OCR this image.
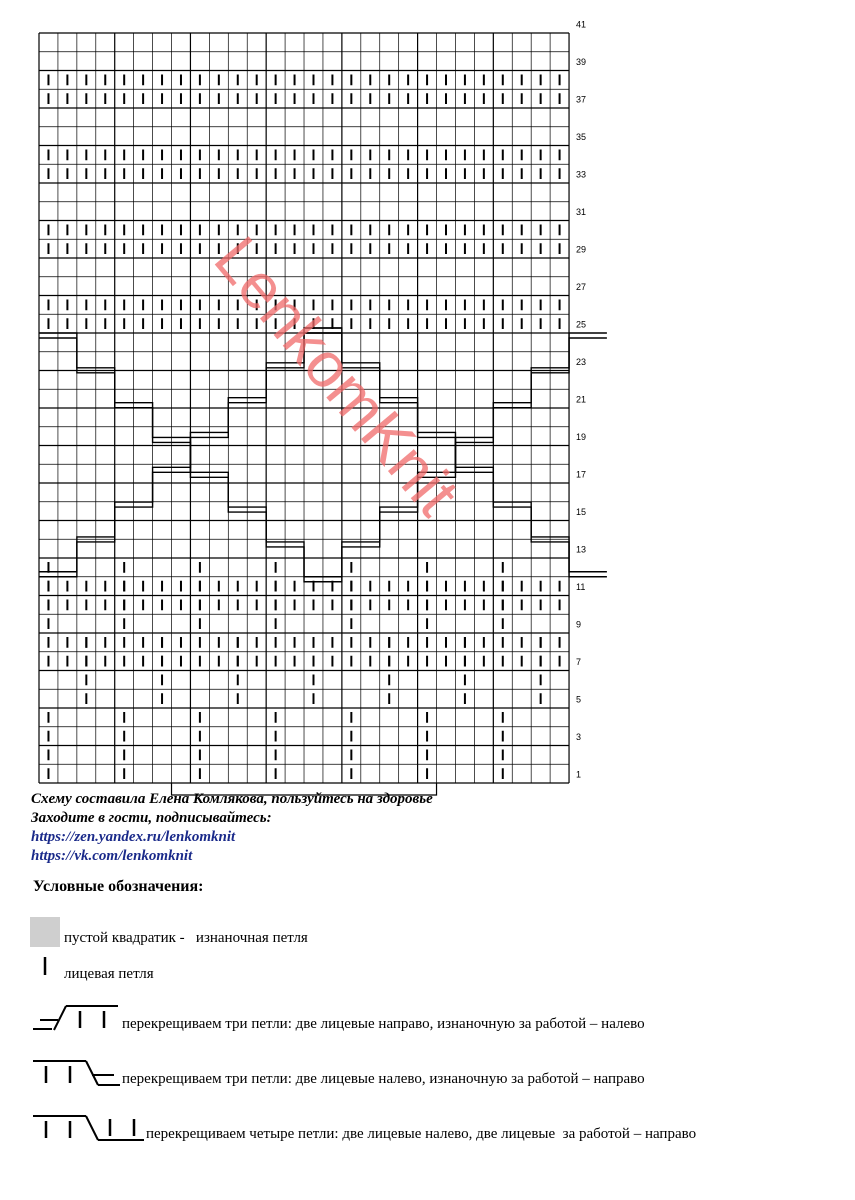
1
3
5
7
9
11
13
15
17
19
21
23
25
27
29
31
33
35
37
39
41
LenkomKnit
Схему составила Елена Комлякова, пользуйтесь на здоровье
Заходите в гости, подписывайтесь:
https://zen.yandex.ru/lenkomknit
https://vk.com/lenkomknit
Условные обозначения:
пустой квадратик -   изнаночная петля
лицевая петля
перекрещиваем три петли: две лицевые направо, изнаночную за работой – налево
перекрещиваем три петли: две лицевые налево, изнаночную за работой – направо
перекрещиваем четыре петли: две лицевые налево, две лицевые  за работой – направо
